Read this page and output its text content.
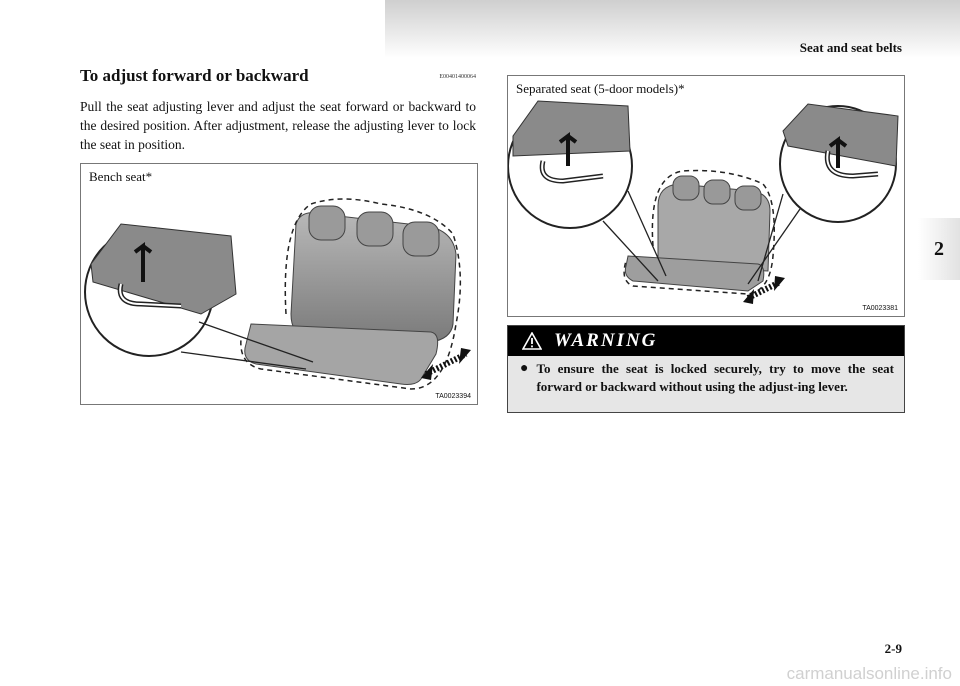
Seat and seat belts
2
To adjust forward or backward	E00401400064
Pull the seat adjusting lever and adjust the seat forward or backward to the desired position. After adjustment, release the adjusting lever to lock the seat in position.
Bench seat*
TA0023394
Separated seat (5-door models)*
TA0023381
WARNING
● To ensure the seat is locked securely, try to move the seat forward or backward without using the adjust-ing lever.
2-9
carmanualsonline.info
